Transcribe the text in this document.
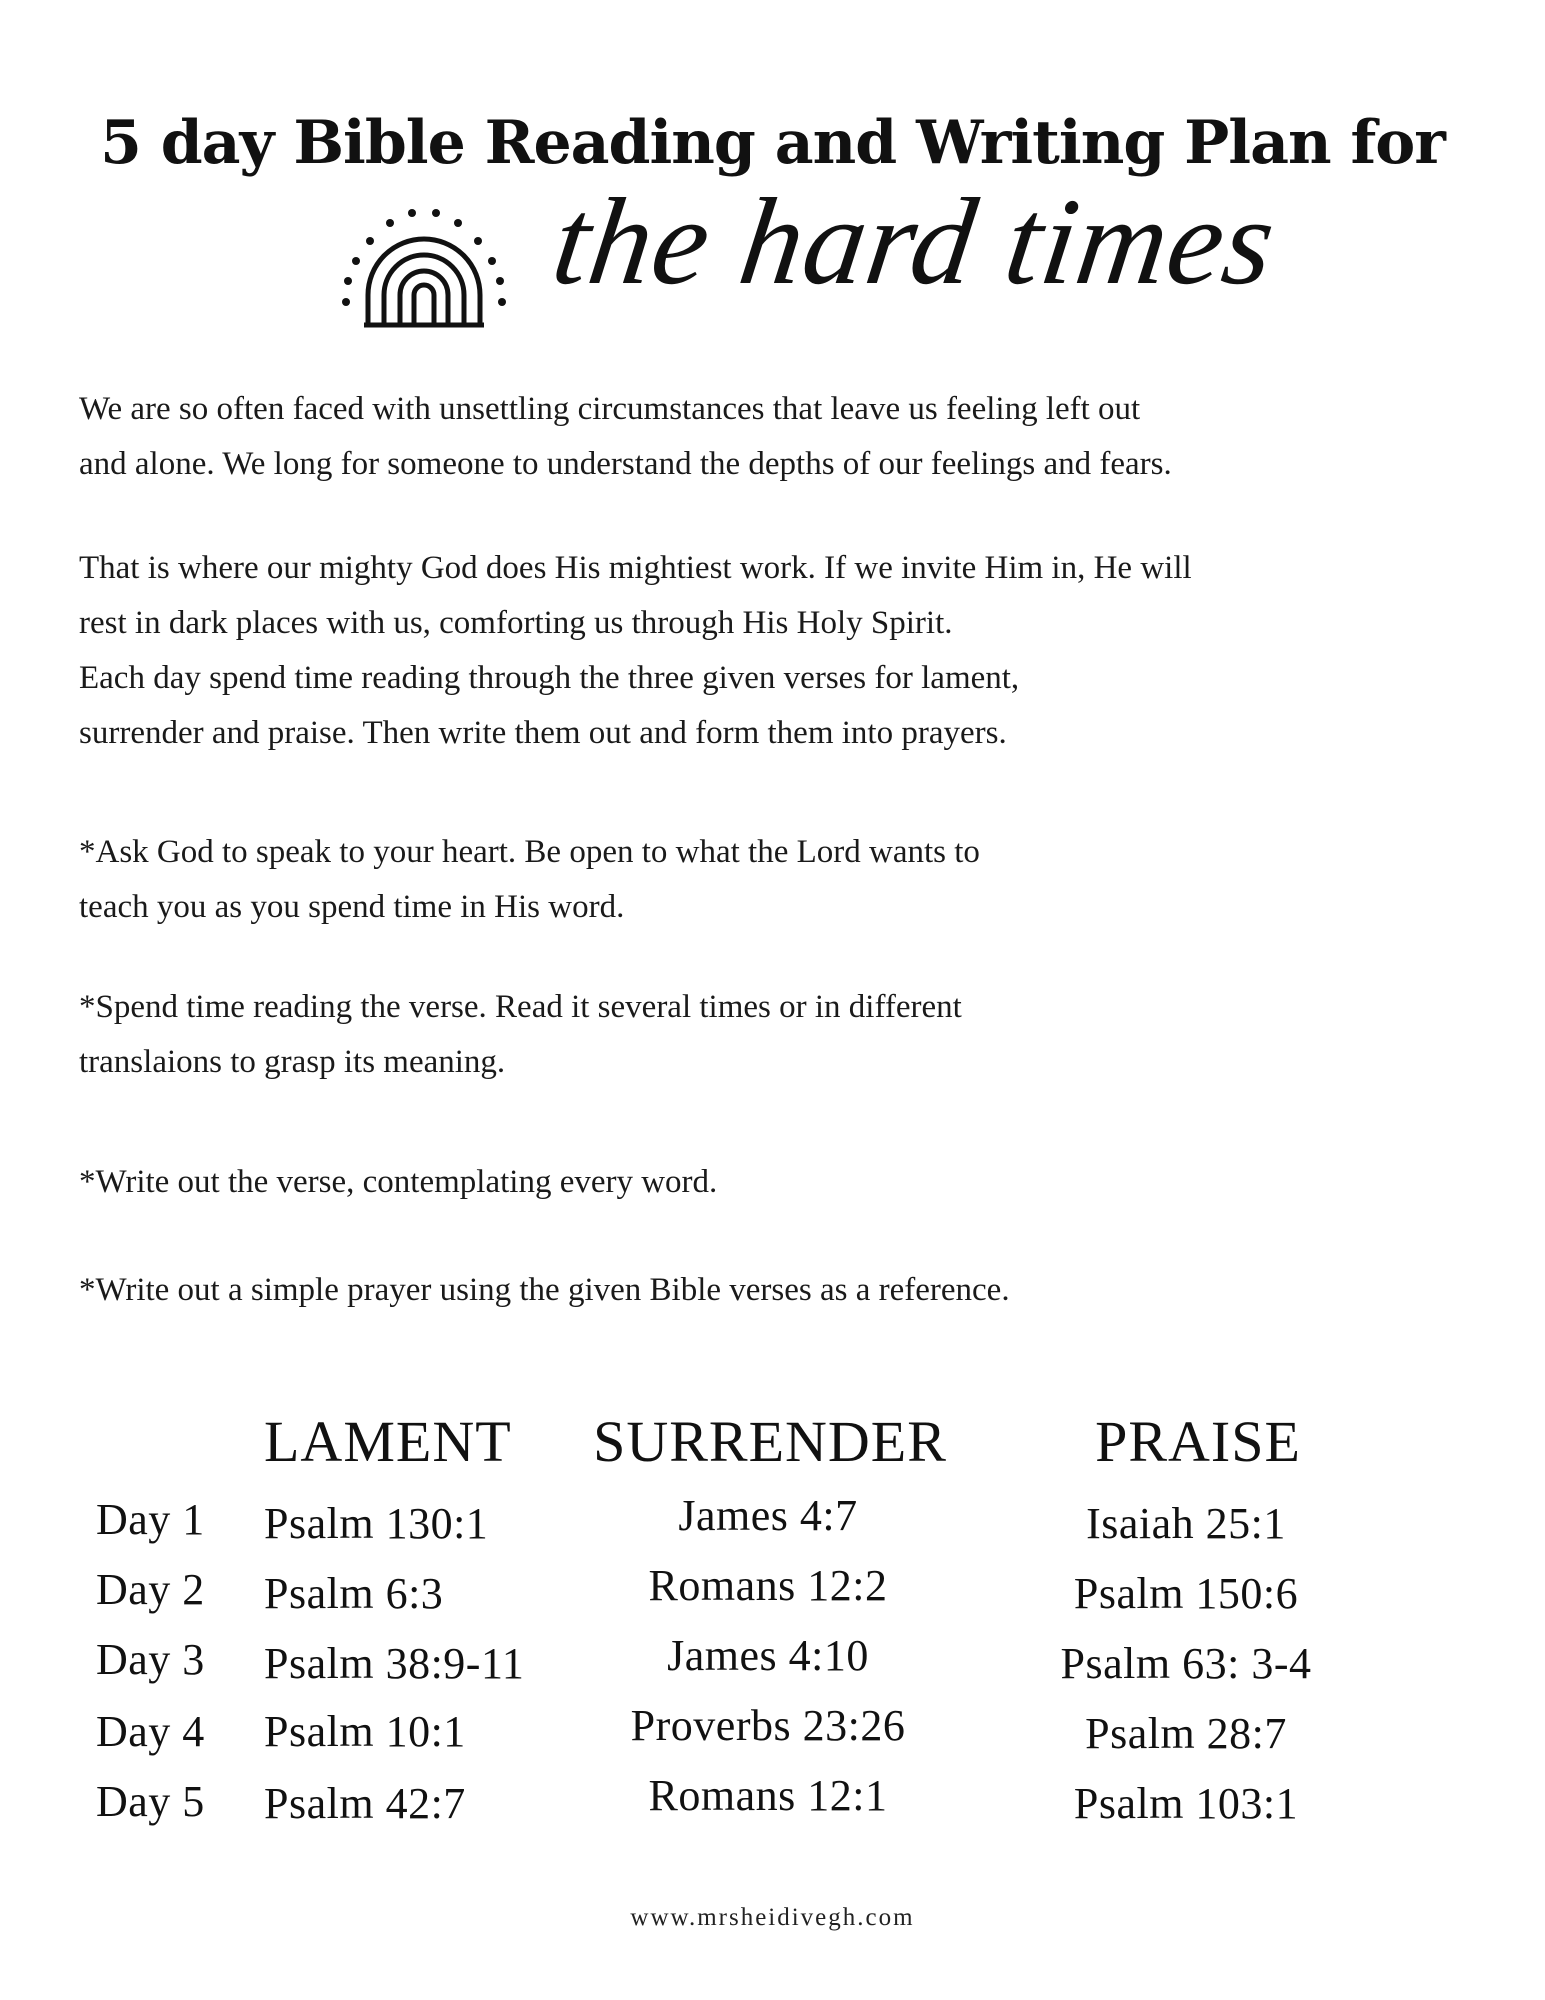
5 day Bible Reading and Writing Plan for
the hard times
We are so often faced with unsettling circumstances that leave us feeling left out
and alone. We long for someone to understand the depths of our feelings and fears.
That is where our mighty God does His mightiest work. If we invite Him in, He will
rest in dark places with us, comforting us through His Holy Spirit.
Each day spend time reading through the three given verses for lament,
surrender and praise. Then write them out and form them into prayers.
*Ask God to speak to your heart. Be open to what the Lord wants to
teach you as you spend time in His word.
*Spend time reading the verse. Read it several times or in different
translaions to grasp its meaning.
*Write out the verse, contemplating every word.
*Write out a simple prayer using the given Bible verses as a reference.
LAMENT SURRENDER	PRAISE
Day 1 Psalm 130:1	James 4:7	Isaiah 25:1
Day 2 Psalm 6:3	Romans 12:2	Psalm 150:6
Day 3 Psalm 38:9-11	James 4:10	Psalm 63: 3-4
Day 4 Psalm 10:1	Proverbs 23:26	Psalm 28:7
Day 5 Psalm 42:7	Romans 12:1	Psalm 103:1
www.mrsheidivegh.com
